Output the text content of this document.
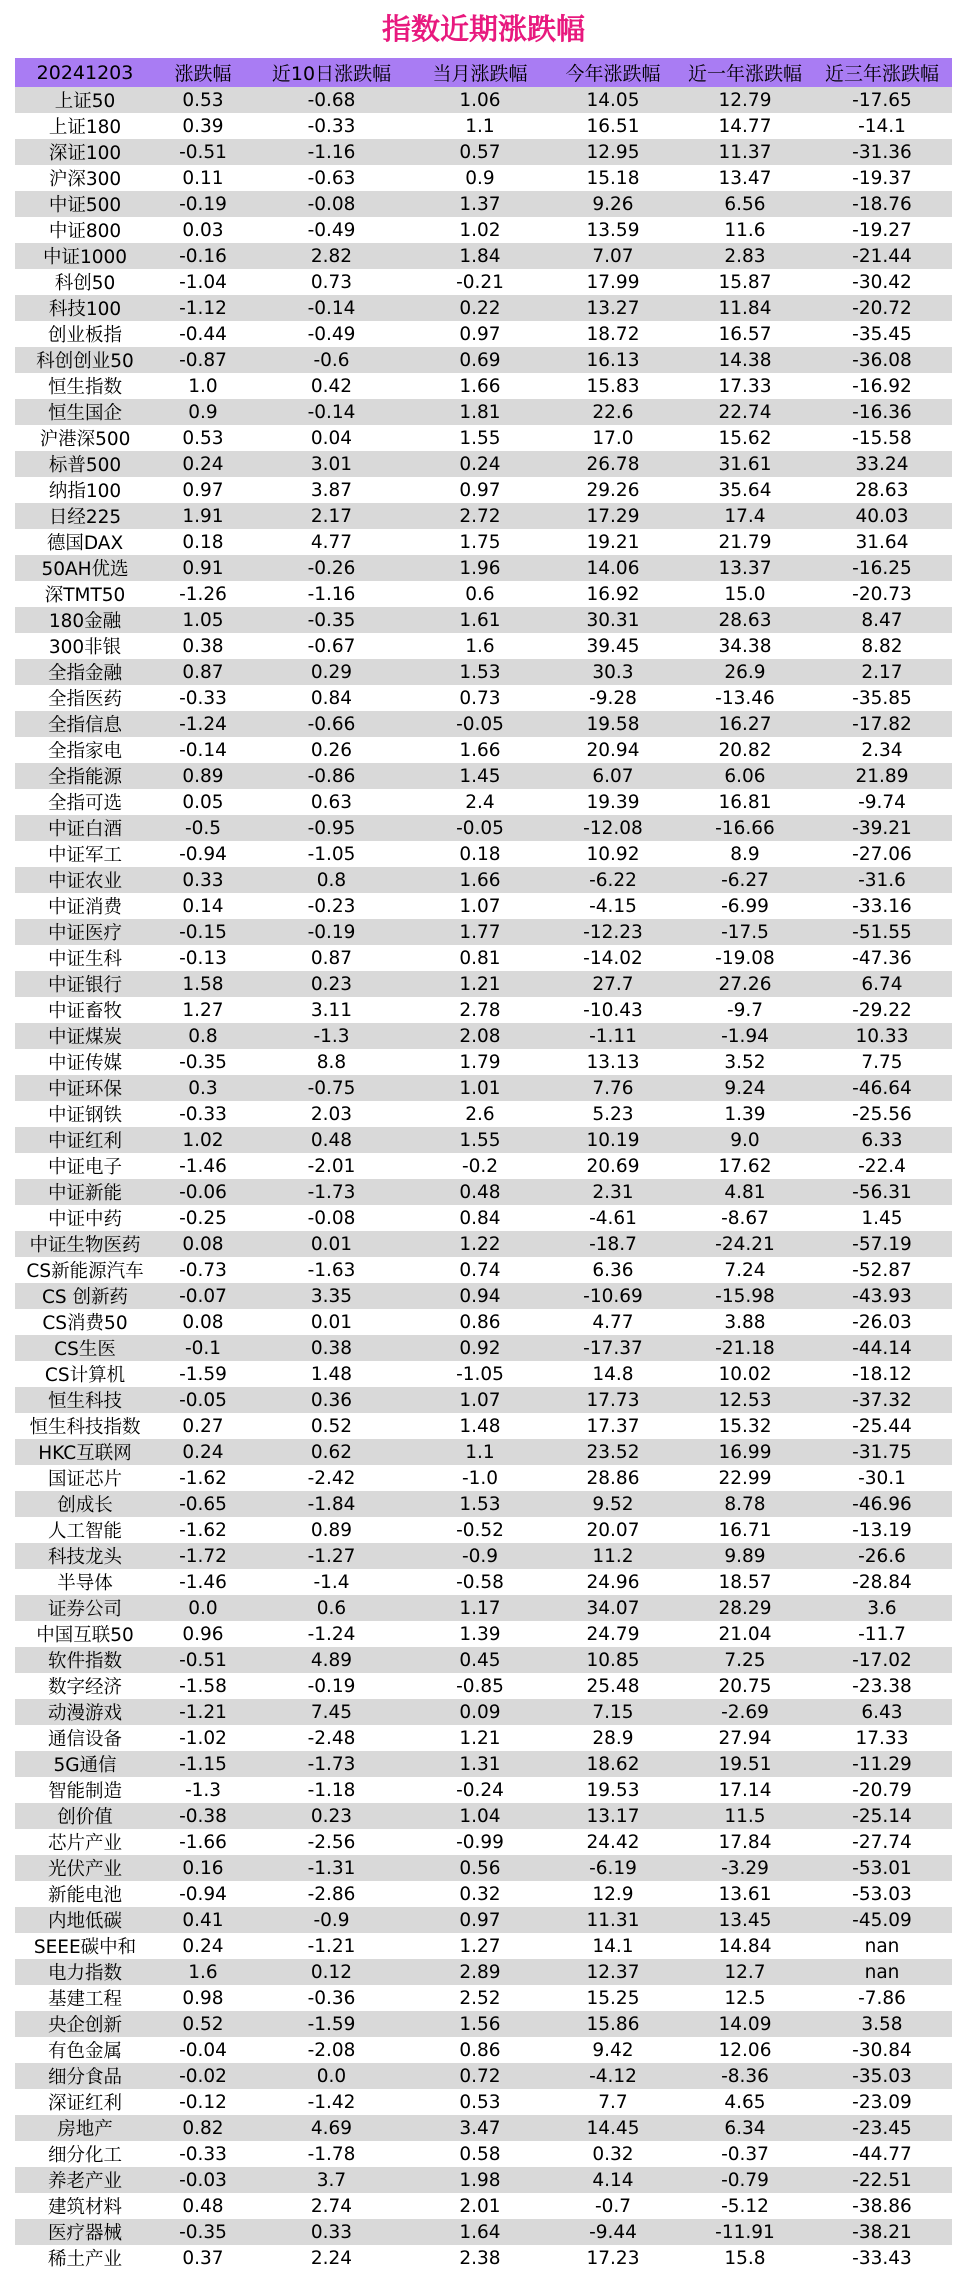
指数近期涨跌幅
20241203	涨跌幅	近10日涨跌幅	当月涨跌幅	今年涨跌幅	近一年涨跌幅	近三年涨跌幅
上证50	0.53	-0.68	1.06	14.05	12.79	-17.65
上证180	0.39	-0.33	1.1	16.51	14.77	-14.1
深证100	-0.51	-1.16	0.57	12.95	11.37	-31.36
沪深300	0.11	-0.63	0.9	15.18	13.47	-19.37
中证500	-0.19	-0.08	1.37	9.26	6.56	-18.76
中证800	0.03	-0.49	1.02	13.59	11.6	-19.27
中证1000	-0.16	2.82	1.84	7.07	2.83	-21.44
科创50	-1.04	0.73	-0.21	17.99	15.87	-30.42
科技100	-1.12	-0.14	0.22	13.27	11.84	-20.72
创业板指	-0.44	-0.49	0.97	18.72	16.57	-35.45
科创创业50	-0.87	-0.6	0.69	16.13	14.38	-36.08
恒生指数	1.0	0.42	1.66	15.83	17.33	-16.92
恒生国企	0.9	-0.14	1.81	22.6	22.74	-16.36
沪港深500	0.53	0.04	1.55	17.0	15.62	-15.58
标普500	0.24	3.01	0.24	26.78	31.61	33.24
纳指100	0.97	3.87	0.97	29.26	35.64	28.63
日经225	1.91	2.17	2.72	17.29	17.4	40.03
德国DAX	0.18	4.77	1.75	19.21	21.79	31.64
50AH优选	0.91	-0.26	1.96	14.06	13.37	-16.25
深TMT50	-1.26	-1.16	0.6	16.92	15.0	-20.73
180金融	1.05	-0.35	1.61	30.31	28.63	8.47
300非银	0.38	-0.67	1.6	39.45	34.38	8.82
全指金融	0.87	0.29	1.53	30.3	26.9	2.17
全指医药	-0.33	0.84	0.73	-9.28	-13.46	-35.85
全指信息	-1.24	-0.66	-0.05	19.58	16.27	-17.82
全指家电	-0.14	0.26	1.66	20.94	20.82	2.34
全指能源	0.89	-0.86	1.45	6.07	6.06	21.89
全指可选	0.05	0.63	2.4	19.39	16.81	-9.74
中证白酒	-0.5	-0.95	-0.05	-12.08	-16.66	-39.21
中证军工	-0.94	-1.05	0.18	10.92	8.9	-27.06
中证农业	0.33	0.8	1.66	-6.22	-6.27	-31.6
中证消费	0.14	-0.23	1.07	-4.15	-6.99	-33.16
中证医疗	-0.15	-0.19	1.77	-12.23	-17.5	-51.55
中证生科	-0.13	0.87	0.81	-14.02	-19.08	-47.36
中证银行	1.58	0.23	1.21	27.7	27.26	6.74
中证畜牧	1.27	3.11	2.78	-10.43	-9.7	-29.22
中证煤炭	0.8	-1.3	2.08	-1.11	-1.94	10.33
中证传媒	-0.35	8.8	1.79	13.13	3.52	7.75
中证环保	0.3	-0.75	1.01	7.76	9.24	-46.64
中证钢铁	-0.33	2.03	2.6	5.23	1.39	-25.56
中证红利	1.02	0.48	1.55	10.19	9.0	6.33
中证电子	-1.46	-2.01	-0.2	20.69	17.62	-22.4
中证新能	-0.06	-1.73	0.48	2.31	4.81	-56.31
中证中药	-0.25	-0.08	0.84	-4.61	-8.67	1.45
中证生物医药	0.08	0.01	1.22	-18.7	-24.21	-57.19
CS新能源汽车	-0.73	-1.63	0.74	6.36	7.24	-52.87
CS 创新药	-0.07	3.35	0.94	-10.69	-15.98	-43.93
CS消费50	0.08	0.01	0.86	4.77	3.88	-26.03
CS生医	-0.1	0.38	0.92	-17.37	-21.18	-44.14
CS计算机	-1.59	1.48	-1.05	14.8	10.02	-18.12
恒生科技	-0.05	0.36	1.07	17.73	12.53	-37.32
恒生科技指数	0.27	0.52	1.48	17.37	15.32	-25.44
HKC互联网	0.24	0.62	1.1	23.52	16.99	-31.75
国证芯片	-1.62	-2.42	-1.0	28.86	22.99	-30.1
创成长	-0.65	-1.84	1.53	9.52	8.78	-46.96
人工智能	-1.62	0.89	-0.52	20.07	16.71	-13.19
科技龙头	-1.72	-1.27	-0.9	11.2	9.89	-26.6
半导体	-1.46	-1.4	-0.58	24.96	18.57	-28.84
证券公司	0.0	0.6	1.17	34.07	28.29	3.6
中国互联50	0.96	-1.24	1.39	24.79	21.04	-11.7
软件指数	-0.51	4.89	0.45	10.85	7.25	-17.02
数字经济	-1.58	-0.19	-0.85	25.48	20.75	-23.38
动漫游戏	-1.21	7.45	0.09	7.15	-2.69	6.43
通信设备	-1.02	-2.48	1.21	28.9	27.94	17.33
5G通信	-1.15	-1.73	1.31	18.62	19.51	-11.29
智能制造	-1.3	-1.18	-0.24	19.53	17.14	-20.79
创价值	-0.38	0.23	1.04	13.17	11.5	-25.14
芯片产业	-1.66	-2.56	-0.99	24.42	17.84	-27.74
光伏产业	0.16	-1.31	0.56	-6.19	-3.29	-53.01
新能电池	-0.94	-2.86	0.32	12.9	13.61	-53.03
内地低碳	0.41	-0.9	0.97	11.31	13.45	-45.09
SEEE碳中和	0.24	-1.21	1.27	14.1	14.84	nan
电力指数	1.6	0.12	2.89	12.37	12.7	nan
基建工程	0.98	-0.36	2.52	15.25	12.5	-7.86
央企创新	0.52	-1.59	1.56	15.86	14.09	3.58
有色金属	-0.04	-2.08	0.86	9.42	12.06	-30.84
细分食品	-0.02	0.0	0.72	-4.12	-8.36	-35.03
深证红利	-0.12	-1.42	0.53	7.7	4.65	-23.09
房地产	0.82	4.69	3.47	14.45	6.34	-23.45
细分化工	-0.33	-1.78	0.58	0.32	-0.37	-44.77
养老产业	-0.03	3.7	1.98	4.14	-0.79	-22.51
建筑材料	0.48	2.74	2.01	-0.7	-5.12	-38.86
医疗器械	-0.35	0.33	1.64	-9.44	-11.91	-38.21
稀土产业	0.37	2.24	2.38	17.23	15.8	-33.43
